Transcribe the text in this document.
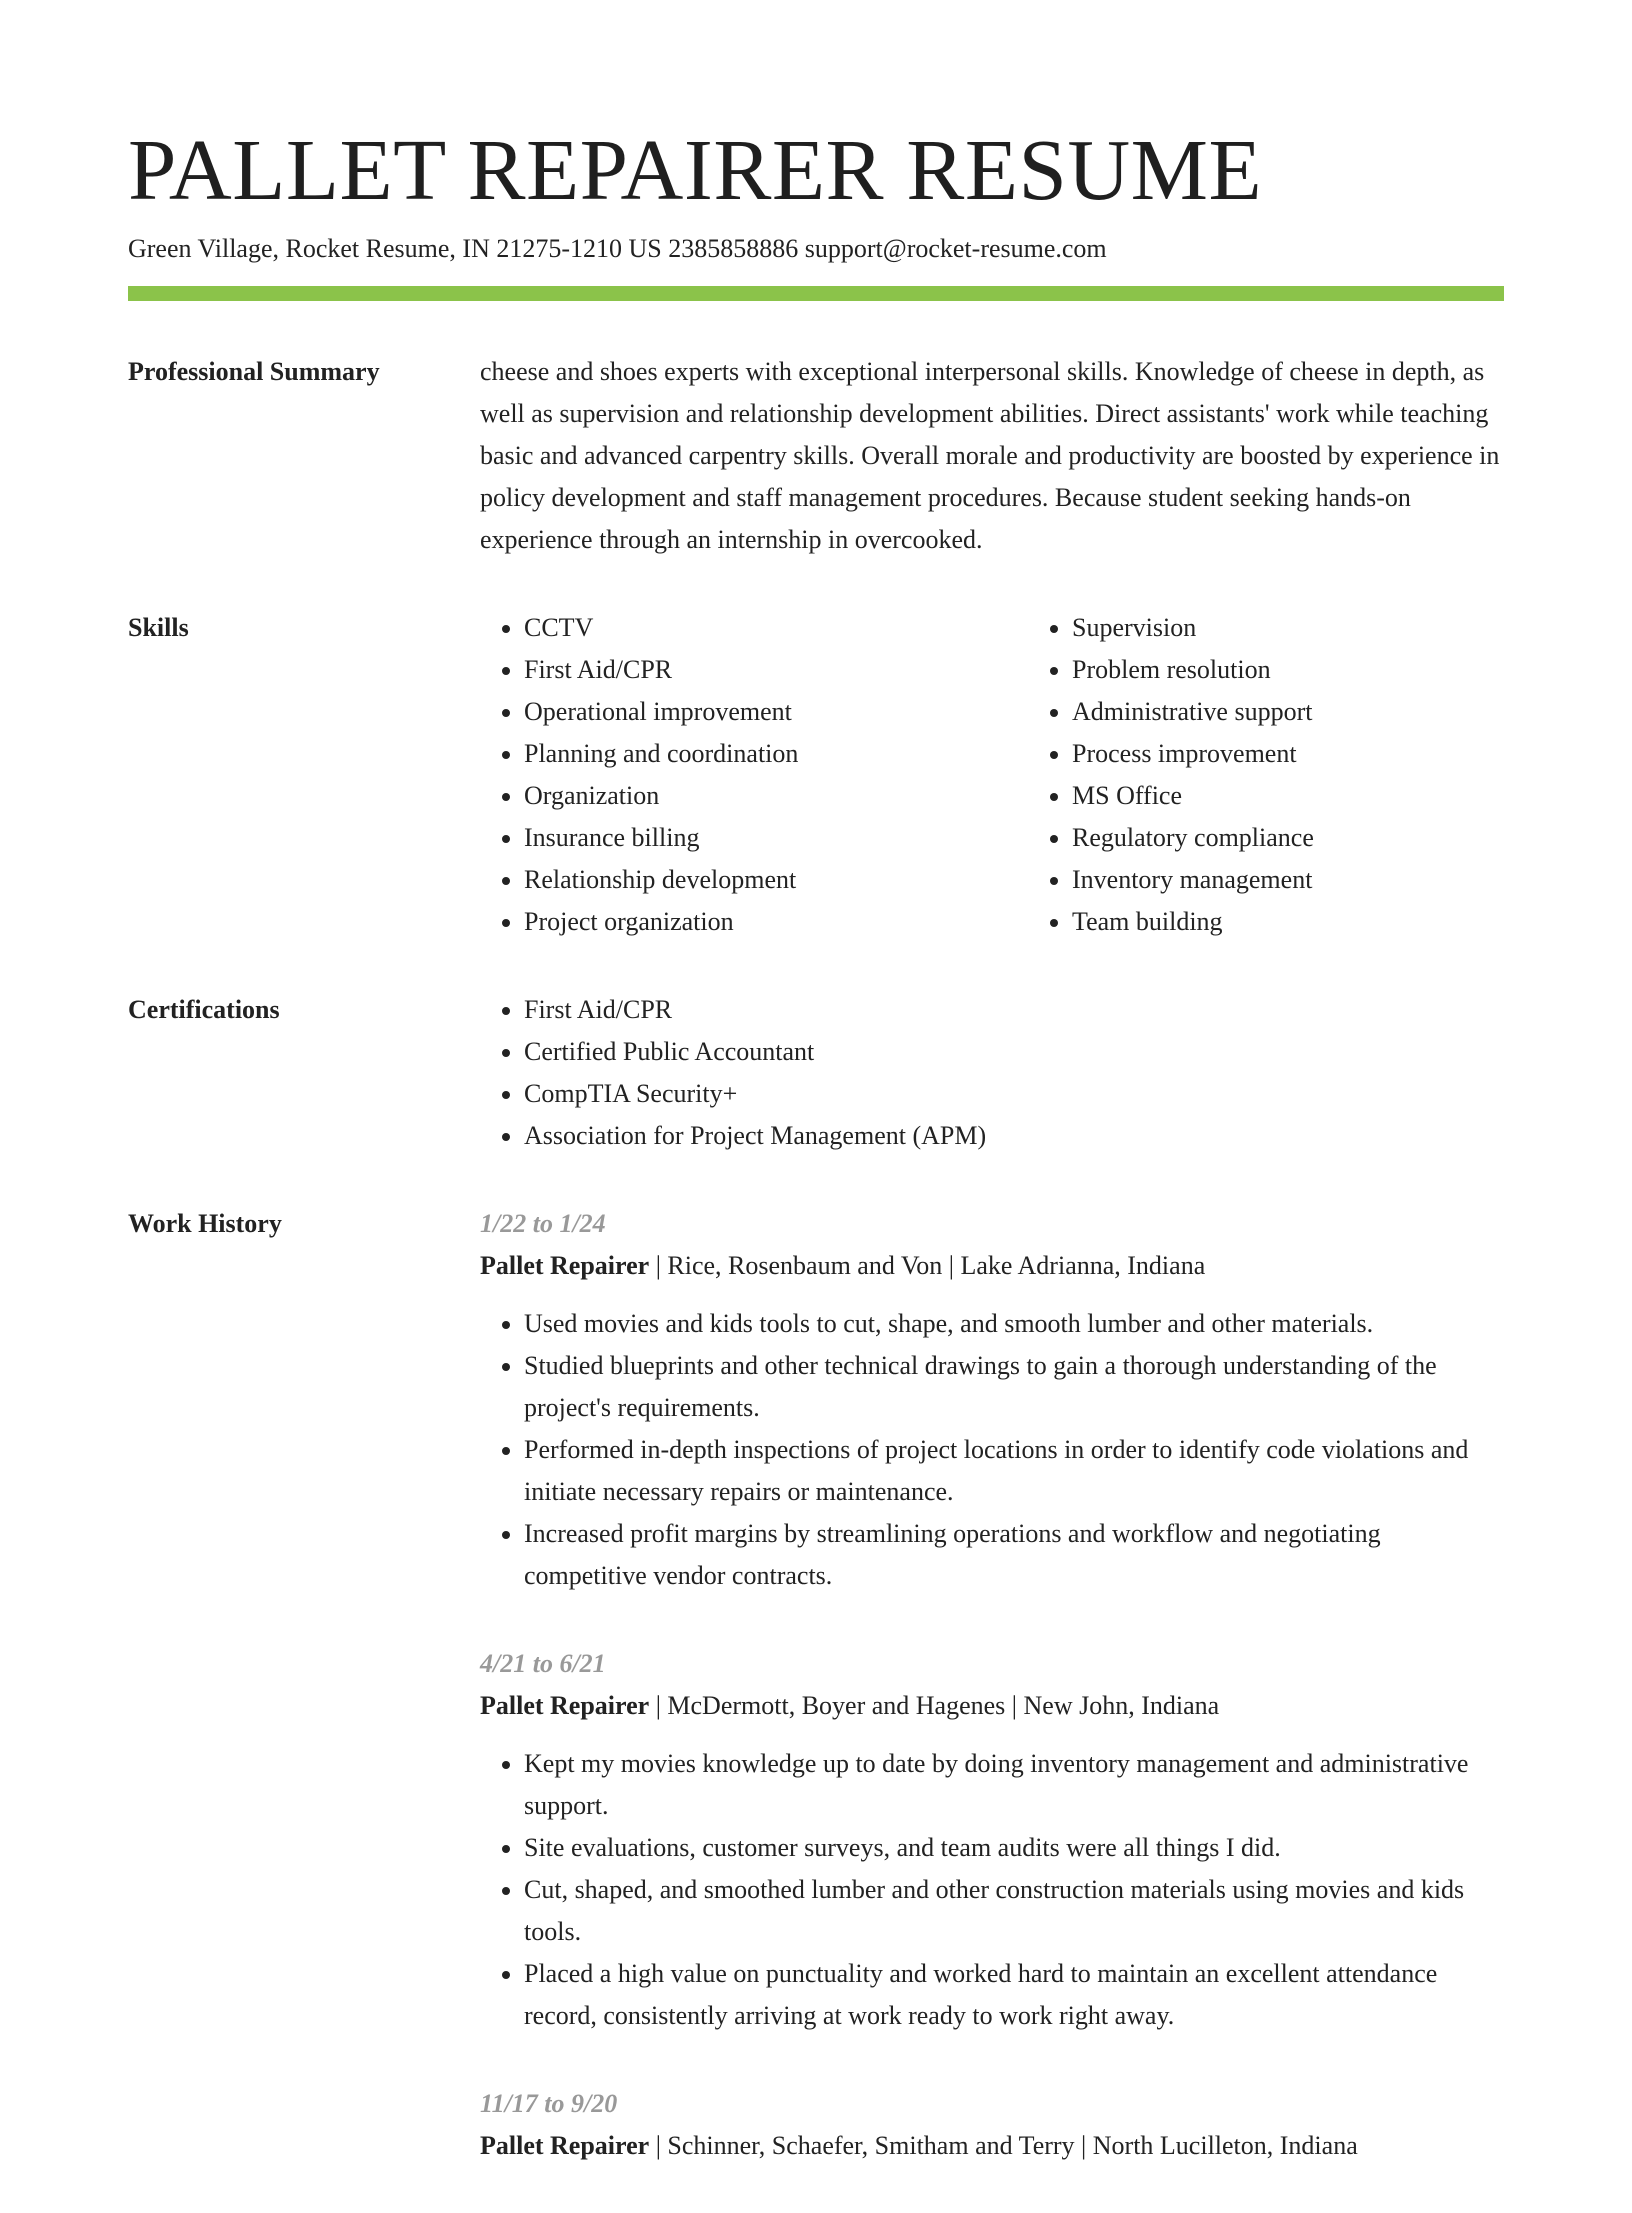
PALLET REPAIRER RESUME
Green Village, Rocket Resume, IN 21275-1210 US 2385858886 support@rocket-resume.com
Professional Summary	cheese and shoes experts with exceptional interpersonal skills. Knowledge of cheese in depth, as well as supervision and relationship development abilities. Direct assistants' work while teaching basic and advanced carpentry skills. Overall morale and productivity are boosted by experience in policy development and staff management procedures. Because student seeking hands-on experience through an internship in overcooked.

Skills	• CCTV
• First Aid/CPR
• Operational improvement
• Planning and coordination
• Organization
• Insurance billing
• Relationship development
• Project organization
• Supervision
• Problem resolution
• Administrative support
• Process improvement
• MS Office
• Regulatory compliance
• Inventory management
• Team building
Certifications	• First Aid/CPR
• Certified Public Accountant
• CompTIA Security+
• Association for Project Management (APM)
Work History	1/22 to 1/24
Pallet Repairer | Rice, Rosenbaum and Von | Lake Adrianna, Indiana
• Used movies and kids tools to cut, shape, and smooth lumber and other materials.
• Studied blueprints and other technical drawings to gain a thorough understanding of the project's requirements.
• Performed in-depth inspections of project locations in order to identify code violations and initiate necessary repairs or maintenance.
• Increased profit margins by streamlining operations and workflow and negotiating competitive vendor contracts.
4/21 to 6/21
Pallet Repairer | McDermott, Boyer and Hagenes | New John, Indiana
• Kept my movies knowledge up to date by doing inventory management and administrative support.
• Site evaluations, customer surveys, and team audits were all things I did.
• Cut, shaped, and smoothed lumber and other construction materials using movies and kids tools.
• Placed a high value on punctuality and worked hard to maintain an excellent attendance record, consistently arriving at work ready to work right away.
11/17 to 9/20
Pallet Repairer | Schinner, Schaefer, Smitham and Terry | North Lucilleton, Indiana
